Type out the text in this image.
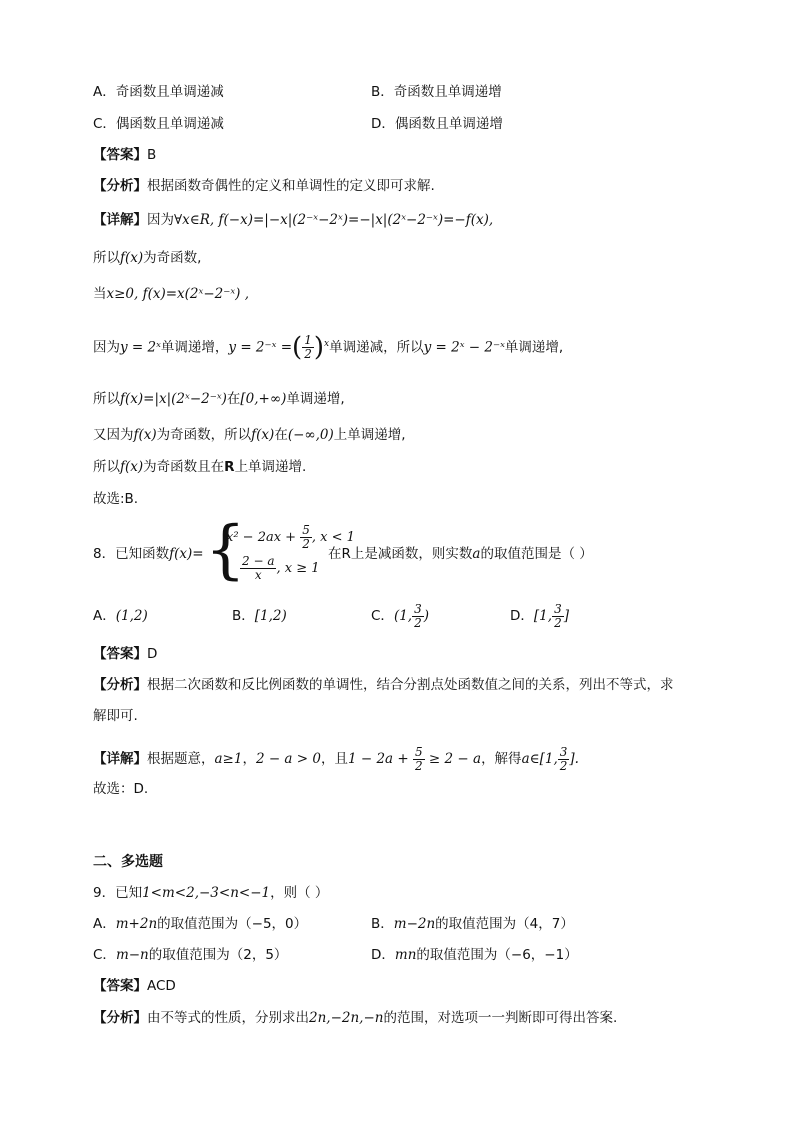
A．奇函数且单调递减	B．奇函数且单调递增
C．偶函数且单调递减	D．偶函数且单调递增
【答案】B
【分析】根据函数奇偶性的定义和单调性的定义即可求解.
【详解】因为∀x∈R, f(−x)=|−x|(2⁻ˣ−2ˣ)=−|x|(2ˣ−2⁻ˣ)=−f(x),
所以f(x)为奇函数,
当x≥0, f(x)=x(2ˣ−2⁻ˣ) ,
因为y = 2ˣ单调递增，y = 2⁻ˣ =( $\frac{1}{2} )^x$单调递减，所以y = 2ˣ − 2⁻ˣ单调递增,
所以f(x)=|x|(2ˣ−2⁻ˣ)在[0,+∞)单调递增,
又因为f(x)为奇函数，所以f(x)在(−∞,0)上单调递增,
所以f(x)为奇函数且在R上单调递增.
故选:B.
8．已知函数f(x)= {
$x^2 - 2ax + \frac{5}{2}$ , x < 1
$\frac{2 - a}{x}$ , x ≥ 1
在R上是减函数，则实数a的取值范围是（ ）
A．(1,2)	B．[1,2)	C．(1, $\frac{3}{2}$ )	D．[1, $\frac{3}{2}$ ]
【答案】D
【分析】根据二次函数和反比例函数的单调性，结合分割点处函数值之间的关系，列出不等式，求
解即可.
【详解】根据题意，a≥1，2 − a > 0，且$1 - 2a + \frac{5}{2} \ge 2 - a$，解得a∈[1, $\frac{3}{2}$ ].
故选：D.
二、多选题
9．已知1<m<2,−3<n<−1，则（ ）
A．m+2n的取值范围为（−5，0）	B．m−2n的取值范围为（4，7）
C．m−n的取值范围为（2，5）	D．mn的取值范围为（−6，−1）
【答案】ACD
【分析】由不等式的性质，分别求出2n,−2n,−n的范围，对选项一一判断即可得出答案.
